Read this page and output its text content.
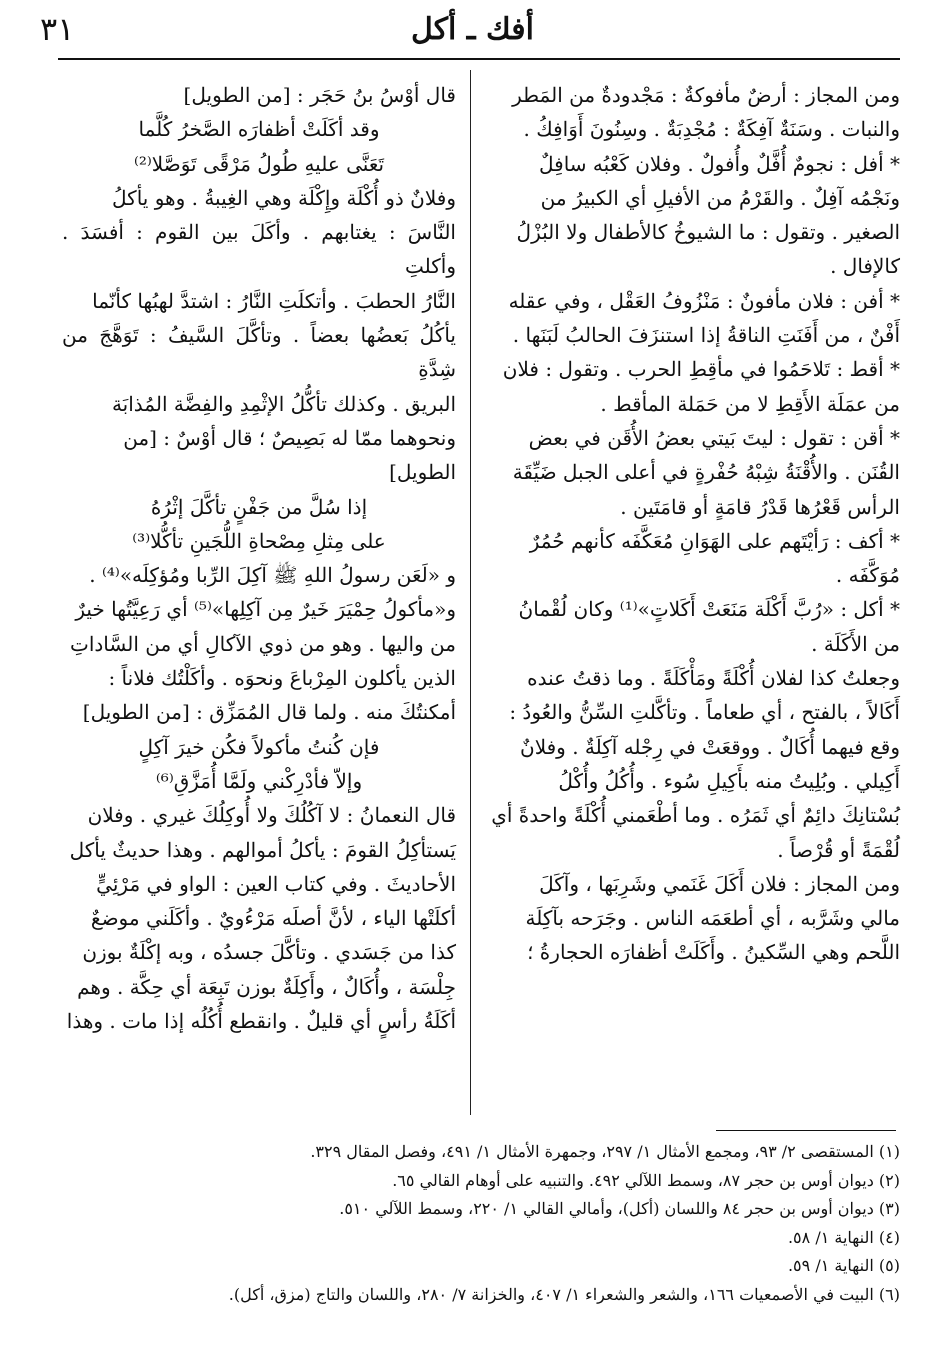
أفك ـ أكل
٣١

ومن المجاز : أرضٌ مأفوكةٌ : مَجْدودةٌ من المَطر

والنبات . وسَنَةٌ آفِكَةٌ : مُجْدِبَةٌ . وسِنُونَ أَوَافِكُ .

* أفل : نجومٌ أُفَّلٌ وأُفولٌ . وفلان كَعْبُه سافِلٌ

ونَجْمُه آفِلٌ . والقَرْمُ من الأفيلِ أي الكبيرُ من

الصغير . وتقول : ما الشيوخُ كالأطفال ولا البُزْلُ

كالإفال .

* أفن : فلان مأفونٌ : مَنْزُوفُ العَقْل ، وفي عقله

أَفْنٌ ، من أَفَنَتِ الناقةُ إذا استنزَفَ الحالبُ لَبَنَها .

* أقط : تَلاحَمُوا في مأقِطِ الحرب . وتقول : فلان

من عمَلَة الأَقِطِ لا من حَمَلة المأقط .

* أقن : تقول : ليتَ بَيتي بعضُ الأُقَن في بعض

القُنَن . والأُقْنَةُ شِبْهُ حُفْرةٍ في أعلى الجبل ضَيِّقَة

الرأس قَعْرُها قَدْرُ قامَةٍ أو قامَتَين .

* أكف : رَأيْتَهم على الهَوَانِ مُعَكَّفَه كأنهم حُمُرٌ

مُوَكَّفَه .

* أكل : «رُبَّ أَكْلَة مَنَعَتْ أَكَلاتٍ»⁽¹⁾ وكان لُقْمانُ

من الأَكَلَة .

وجعلتُ كذا لفلان أُكْلَةً ومَأْكَلَةً . وما ذقتُ عنده

أَكَالاً ، بالفتح ، أي طعاماً . وتأكَّلتِ السِّنُّ والعُودُ :

وقع فيهما أُكَالٌ . ووقعَتْ في رِجْله آكِلَةٌ . وفلانٌ

أَكِيلي . وبُلِيتُ منه بأَكِيلِ سُوء . وأُكُلُ وأُكْلُ

بُسْتانِكَ دائِمٌ أي ثَمَرُه . وما أطْعَمني أُكْلَةً واحدةً أي

لُقْمَةً أو قُرْصاً .

ومن المجاز : فلان أَكَلَ غَنَمي وشَرِبَها ، وآكَلَ

مالي وشَرَّبه ، أي أطعَمَه الناس . وجَرَحه بآكِلَة

اللَّحم وهي السِّكينُ . وأَكَلَتْ أظفارَه الحجارةُ ؛

قال أوْسُ بنُ حَجَر : [من الطويل]

وقد أكَلَتْ أظفارَه الصَّخرُ كُلَّما

تَعَنَّى عليهِ طُولُ مَرْقًى تَوَصَّلا⁽²⁾

وفلانٌ ذو أُكْلَة وإِكْلَة وهي الغِيبةُ . وهو يأكلُ

النَّاسَ : يغتابهم . وأكَلَ بين القوم : أفسَدَ . وأكلتِ

النَّارُ الحطبَ . وأتكلَتِ النَّارُ : اشتدَّ لهبُها كأنّما

يأكُلُ بَعضُها بعضاً . وتأكَّلَ السَّيفُ : تَوَهَّجَ من شِدَّةِ

البريق . وكذلك تأكُّلُ الإثْمِدِ والفِضَّة المُذابَة

ونحوهما ممّا له بَصِيصٌ ؛ قال أوْسٌ : [من

الطويل]

إذا سُلَّ من جَفْنٍ تأكَّلَ إثْرُهُ

على مِثلِ مِصْحاةِ اللُّجَينِ تأكُّلا⁽³⁾

و «لَعَن رسولُ اللهِ ﷺ آكِلَ الرِّبا ومُؤكِلَه»⁽⁴⁾ .

و«مأكولُ حِمْيَرَ خَيرٌ مِن آكِلِها»⁽⁵⁾ أي رَعِيَّتُها خيرٌ

من واليها . وهو من ذوي الآكالِ أي من السَّاداتِ

الذين يأكلون المِرْباعَ ونحوَه . وأكَلْتُك فلاناً :

أمكنتُكَ منه . ولما قال المُمَزِّق : [من الطويل]

فإن كُنتُ مأكولاً فكُن خيرَ آكِلٍ

وإلاّ فأدْرِكْني ولَمَّا أُمَزَّقِ⁽⁶⁾

قال النعمانُ : لا آكُلُكَ ولا أُوكِلُكَ غيري . وفلان

يَستأكِلُ القومَ : يأكلُ أموالهم . وهذا حديثٌ يأكل

الأحاديثَ . وفي كتاب العين : الواو في مَرْئِيٍّ

أكلَتْها الياء ، لأنَّ أصلَه مَرْءُويٌ . وأكَلَني موضعٌ

كذا من جَسَدي . وتأكَّلَ جسدُه ، وبه إكْلَةٌ بوزن

جِلْسَة ، وأُكَالٌ ، وأَكِلَةٌ بوزن تَبِعَة أي حِكَّة . وهم

أكَلَةُ رأسٍ أي قليلٌ . وانقطع أُكُلُه إذا مات . وهذا

(١) المستقصى ٢/ ٩٣، ومجمع الأمثال ١/ ٢٩٧، وجمهرة الأمثال ١/ ٤٩١، وفصل المقال ٣٢٩.
(٢) ديوان أوس بن حجر ٨٧، وسمط اللآلي ٤٩٢. والتنبيه على أوهام القالي ٦٥.
(٣) ديوان أوس بن حجر ٨٤ واللسان (أكل)، وأمالي القالي ١/ ٢٢٠، وسمط اللآلي ٥١٠.
(٤) النهاية ١/ ٥٨.
(٥) النهاية ١/ ٥٩.
(٦) البيت في الأصمعيات ١٦٦، والشعر والشعراء ١/ ٤٠٧، والخزانة ٧/ ٢٨٠، واللسان والتاج (مزق، أكل).
